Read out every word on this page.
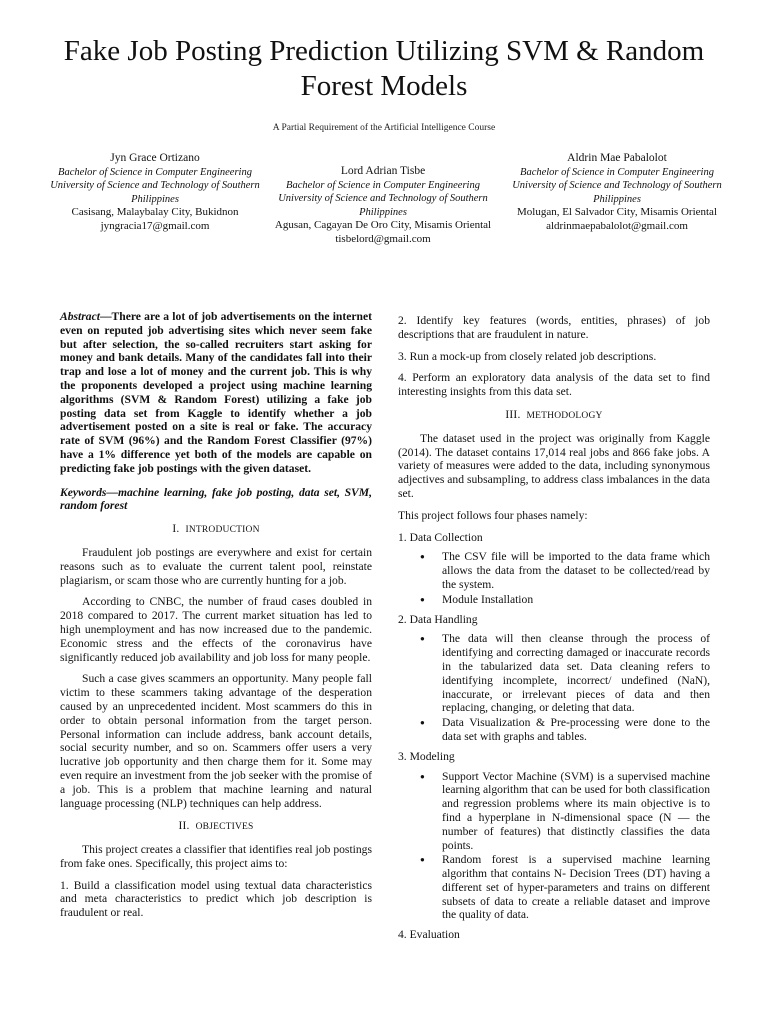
Fake Job Posting Prediction Utilizing SVM & Random Forest Models
A Partial Requirement of the Artificial Intelligence Course
Jyn Grace Ortizano
Bachelor of Science in Computer Engineering
University of Science and Technology of Southern Philippines
Casisang, Malaybalay City, Bukidnon
jyngracia17@gmail.com
Lord Adrian Tisbe
Bachelor of Science in Computer Engineering
University of Science and Technology of Southern Philippines
Agusan, Cagayan De Oro City, Misamis Oriental
tisbelord@gmail.com
Aldrin Mae Pabalolot
Bachelor of Science in Computer Engineering
University of Science and Technology of Southern Philippines
Molugan, El Salvador City, Misamis Oriental
aldrinmaepabalolot@gmail.com

Abstract—There are a lot of job advertisements on the internet even on reputed job advertising sites which never seem fake but after selection, the so-called recruiters start asking for money and bank details. Many of the candidates fall into their trap and lose a lot of money and the current job. This is why the proponents developed a project using machine learning algorithms (SVM & Random Forest) utilizing a fake job posting data set from Kaggle to identify whether a job advertisement posted on a site is real or fake. The accuracy rate of SVM (96%) and the Random Forest Classifier (97%) have a 1% difference yet both of the models are capable on predicting fake job postings with the given dataset.

Keywords—machine learning, fake job posting, data set, SVM, random forest

I. INTRODUCTION

Fraudulent job postings are everywhere and exist for certain reasons such as to evaluate the current talent pool, reinstate plagiarism, or scam those who are currently hunting for a job.

According to CNBC, the number of fraud cases doubled in 2018 compared to 2017. The current market situation has led to high unemployment and has now increased due to the pandemic. Economic stress and the effects of the coronavirus have significantly reduced job availability and job loss for many people.

Such a case gives scammers an opportunity. Many people fall victim to these scammers taking advantage of the desperation caused by an unprecedented incident. Most scammers do this in order to obtain personal information from the target person. Personal information can include address, bank account details, social security number, and so on. Scammers offer users a very lucrative job opportunity and then charge them for it. Some may even require an investment from the job seeker with the promise of a job. This is a problem that machine learning and natural language processing (NLP) techniques can help address.

II. OBJECTIVES

This project creates a classifier that identifies real job postings from fake ones. Specifically, this project aims to:

1. Build a classification model using textual data characteristics and meta characteristics to predict which job description is fraudulent or real.

2. Identify key features (words, entities, phrases) of job descriptions that are fraudulent in nature.

3. Run a mock-up from closely related job descriptions.

4. Perform an exploratory data analysis of the data set to find interesting insights from this data set.

III. METHODOLOGY

The dataset used in the project was originally from Kaggle (2014). The dataset contains 17,014 real jobs and 866 fake jobs. A variety of measures were added to the data, including synonymous adjectives and subsampling, to address class imbalances in the data set.

This project follows four phases namely:

1. Data Collection

● The CSV file will be imported to the data frame which allows the data from the dataset to be collected/read by the system.
● Module Installation

2. Data Handling

● The data will then cleanse through the process of identifying and correcting damaged or inaccurate records in the tabularized data set. Data cleaning refers to identifying incomplete, incorrect/ undefined (NaN), inaccurate, or irrelevant pieces of data and then replacing, changing, or deleting that data.
● Data Visualization & Pre-processing were done to the data set with graphs and tables.

3. Modeling

● Support Vector Machine (SVM) is a supervised machine learning algorithm that can be used for both classification and regression problems where its main objective is to find a hyperplane in N-dimensional space (N — the number of features) that distinctly classifies the data points.
● Random forest is a supervised machine learning algorithm that contains N- Decision Trees (DT) having a different set of hyper-parameters and trains on different subsets of data to create a reliable dataset and improve the quality of data.

4. Evaluation
